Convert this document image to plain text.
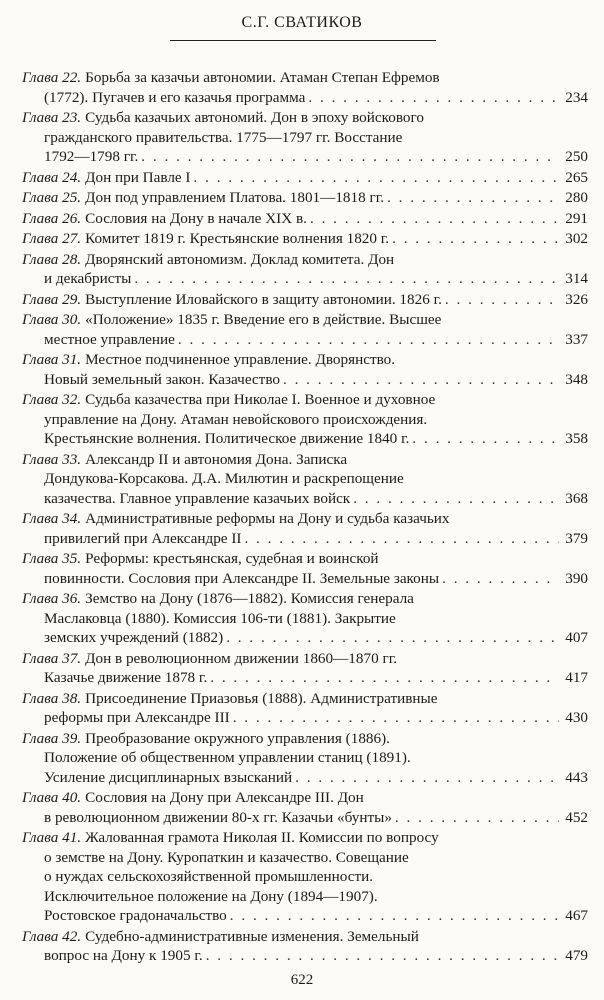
С.Г. СВАТИКОВ
Глава 22. Борьба за казачьи автономии. Атаман Степан Ефремов
(1772). Пугачев и его казачья программа . . .	234
Глава 23. Судьба казачьих автономий. Дон в эпоху войскового
гражданского правительства. 1775—1797 гг. Восстание
1792—1798 гг. . . .	250
Глава 24. Дон при Павле I . . .	265
Глава 25. Дон под управлением Платова. 1801—1818 гг. . . .	280
Глава 26. Сословия на Дону в начале XIX в. . . .	291
Глава 27. Комитет 1819 г. Крестьянские волнения 1820 г. . . .	302
Глава 28. Дворянский автономизм. Доклад комитета. Дон
и декабристы . . .	314
Глава 29. Выступление Иловайского в защиту автономии. 1826 г. . . .	326
Глава 30. «Положение» 1835 г. Введение его в действие. Высшее
местное управление . . .	337
Глава 31. Местное подчиненное управление. Дворянство.
Новый земельный закон. Казачество . . .	348
Глава 32. Судьба казачества при Николае I. Военное и духовное
управление на Дону. Атаман невойскового происхождения.
Крестьянские волнения. Политическое движение 1840 г. . . .	358
Глава 33. Александр II и автономия Дона. Записка
Дондукова-Корсакова. Д.А. Милютин и раскрепощение
казачества. Главное управление казачьих войск . . .	368
Глава 34. Административные реформы на Дону и судьба казачьих
привилегий при Александре II . . .	379
Глава 35. Реформы: крестьянская, судебная и воинской
повинности. Сословия при Александре II. Земельные законы . . .	390
Глава 36. Земство на Дону (1876—1882). Комиссия генерала
Маслаковца (1880). Комиссия 106-ти (1881). Закрытие
земских учреждений (1882) . . .	407
Глава 37. Дон в революционном движении 1860—1870 гг.
Казачье движение 1878 г. . . .	417
Глава 38. Присоединение Приазовья (1888). Административные
реформы при Александре III . . .	430
Глава 39. Преобразование окружного управления (1886).
Положение об общественном управлении станиц (1891).
Усиление дисциплинарных взысканий . . .	443
Глава 40. Сословия на Дону при Александре III. Дон
в революционном движении 80-х гг. Казачьи «бунты» . . .	452
Глава 41. Жалованная грамота Николая II. Комиссии по вопросу
о земстве на Дону. Куропаткин и казачество. Совещание
о нуждах сельскохозяйственной промышленности.
Исключительное положение на Дону (1894—1907).
Ростовское градоначальство . . .	467
Глава 42. Судебно-административные изменения. Земельный
вопрос на Дону к 1905 г. . . .	479
622
